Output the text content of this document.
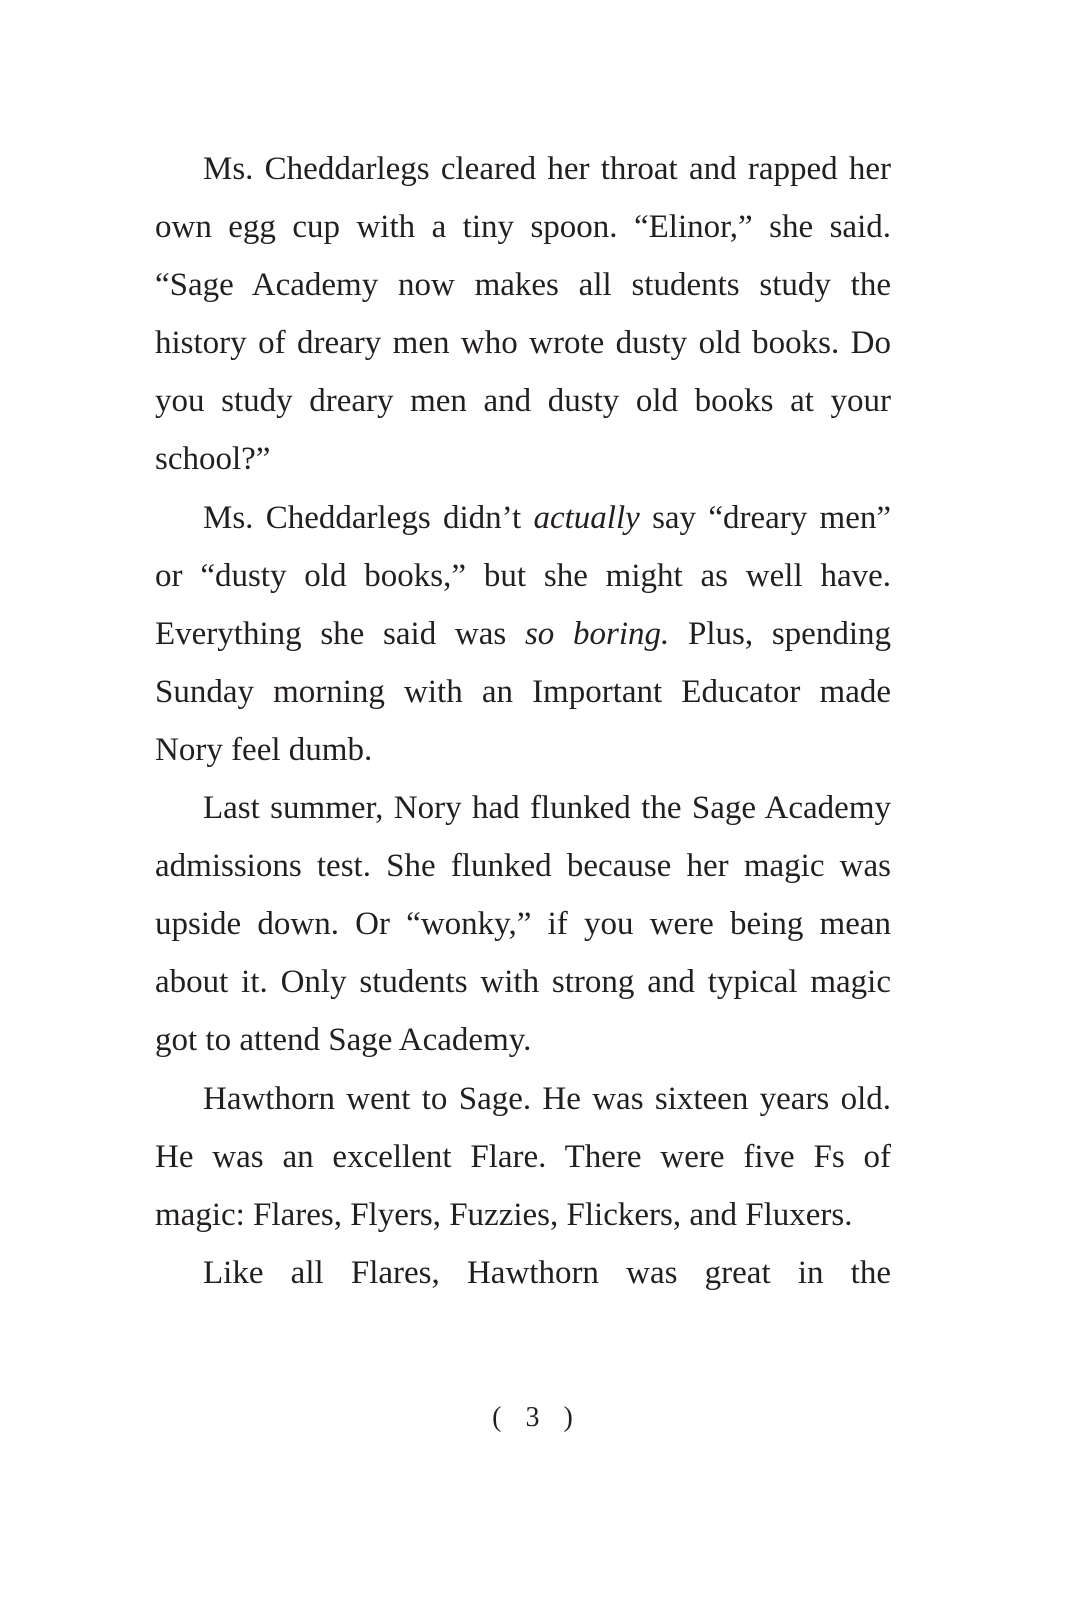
Ms. Cheddarlegs cleared her throat and rapped her own egg cup with a tiny spoon. “Elinor,” she said. “Sage Academy now makes all students study the history of dreary men who wrote dusty old books. Do you study dreary men and dusty old books at your school?”

Ms. Cheddarlegs didn’t actually say “dreary men” or “dusty old books,” but she might as well have. Everything she said was so boring. Plus, spending Sunday morning with an Important Educator made Nory feel dumb.

Last summer, Nory had flunked the Sage Academy admissions test. She flunked because her magic was upside down. Or “wonky,” if you were being mean about it. Only students with strong and typical magic got to attend Sage Academy.

Hawthorn went to Sage. He was sixteen years old. He was an excellent Flare. There were five Fs of magic: Flares, Flyers, Fuzzies, Flickers, and Fluxers.

Like all Flares, Hawthorn was great in the

( 3 )
